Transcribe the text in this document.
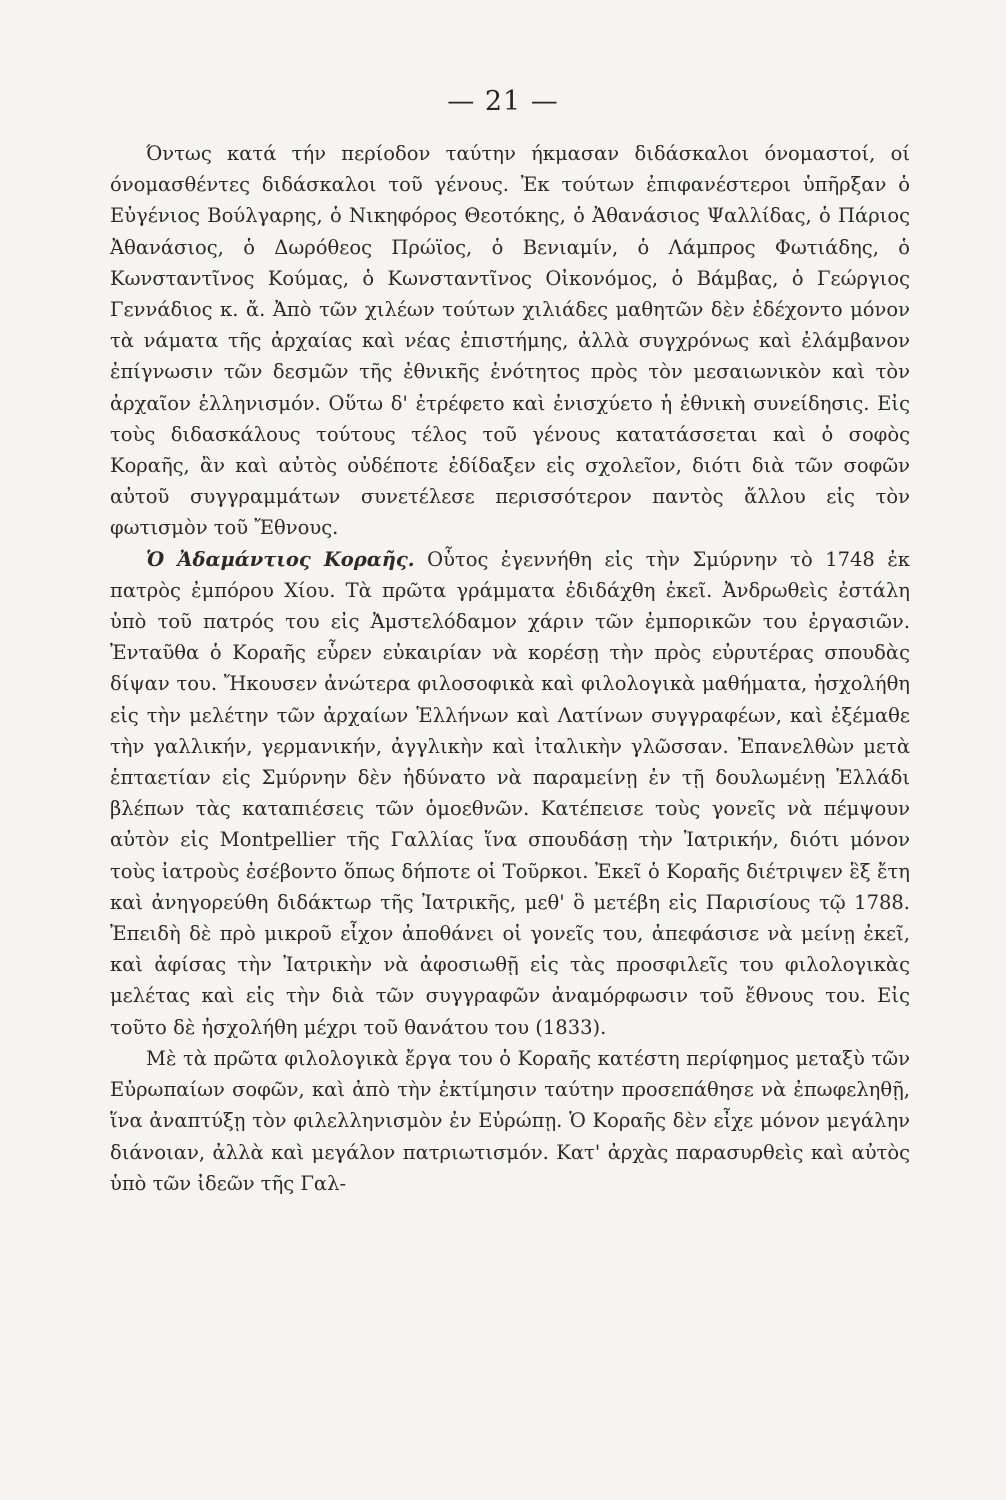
— 21 —

Όντως κατά τήν περίοδον ταύτην ήκμασαν διδάσκαλοι όνομαστοί, οί όνομασθέντες διδάσκαλοι τοῦ γένους. Ἐκ τούτων ἐπιφανέστεροι ὑπῆρξαν ὁ Εὐγένιος Βούλγαρης, ὁ Νικηφόρος Θεοτόκης, ὁ Ἀθανάσιος Ψαλλίδας, ὁ Πάριος Ἀθανάσιος, ὁ Δωρόθεος Πρώϊος, ὁ Βενιαμίν, ὁ Λάμπρος Φωτιάδης, ὁ Κωνσταντῖνος Κούμας, ὁ Κωνσταντῖνος Οἰκονόμος, ὁ Βάμβας, ὁ Γεώργιος Γεννάδιος κ. ἄ. Ἀπὸ τῶν χιλέων τούτων χιλιάδες μαθητῶν δὲν ἐδέχοντο μόνον τὰ νάματα τῆς ἀρχαίας καὶ νέας ἐπιστήμης, ἀλλὰ συγχρόνως καὶ ἐλάμβανον ἐπίγνωσιν τῶν δεσμῶν τῆς ἐθνικῆς ἑνότητος πρὸς τὸν μεσαιωνικὸν καὶ τὸν ἀρχαῖον ἑλληνισμόν. Οὕτω δ' ἐτρέφετο καὶ ἐνισχύετο ἡ ἐθνικὴ συνείδησις. Εἰς τοὺς διδασκάλους τούτους τέλος τοῦ γένους κατατάσσεται καὶ ὁ σοφὸς Κοραῆς, ἂν καὶ αὐτὸς οὐδέποτε ἐδίδαξεν εἰς σχολεῖον, διότι διὰ τῶν σοφῶν αὐτοῦ συγγραμμάτων συνετέλεσε περισσότερον παντὸς ἄλλου εἰς τὸν φωτισμὸν τοῦ Ἔθνους.

Ὁ Ἀδαμάντιος Κοραῆς. Οὗτος ἐγεννήθη εἰς τὴν Σμύρνην τὸ 1748 ἐκ πατρὸς ἐμπόρου Χίου. Τὰ πρῶτα γράμματα ἐδιδάχθη ἐκεῖ. Ἀνδρωθεὶς ἐστάλη ὑπὸ τοῦ πατρός του εἰς Ἀμστελόδαμον χάριν τῶν ἐμπορικῶν του ἐργασιῶν. Ἐνταῦθα ὁ Κοραῆς εὗρεν εὐκαιρίαν νὰ κορέσῃ τὴν πρὸς εὐρυτέρας σπουδὰς δίψαν του. Ἤκουσεν ἀνώτερα φιλοσοφικὰ καὶ φιλολογικὰ μαθήματα, ἠσχολήθη εἰς τὴν μελέτην τῶν ἀρχαίων Ἑλλήνων καὶ Λατίνων συγγραφέων, καὶ ἐξέμαθε τὴν γαλλικήν, γερμανικήν, ἀγγλικὴν καὶ ἰταλικὴν γλῶσσαν. Ἐπανελθὼν μετὰ ἑπταετίαν εἰς Σμύρνην δὲν ἠδύνατο νὰ παραμείνῃ ἐν τῇ δουλωμένῃ Ἑλλάδι βλέπων τὰς καταπιέσεις τῶν ὁμοεθνῶν. Κατέπεισε τοὺς γονεῖς νὰ πέμψουν αὐτὸν εἰς Montpellier τῆς Γαλλίας ἵνα σπουδάσῃ τὴν Ἰατρικήν, διότι μόνον τοὺς ἰατροὺς ἐσέβοντο ὅπως δήποτε οἱ Τοῦρκοι. Ἐκεῖ ὁ Κοραῆς διέτριψεν ἓξ ἔτη καὶ ἀνηγορεύθη διδάκτωρ τῆς Ἰατρικῆς, μεθ' ὃ μετέβη εἰς Παρισίους τῷ 1788. Ἐπειδὴ δὲ πρὸ μικροῦ εἶχον ἀποθάνει οἱ γονεῖς του, ἀπεφάσισε νὰ μείνῃ ἐκεῖ, καὶ ἀφίσας τὴν Ἰατρικὴν νὰ ἀφοσιωθῇ εἰς τὰς προσφιλεῖς του φιλολογικὰς μελέτας καὶ εἰς τὴν διὰ τῶν συγγραφῶν ἀναμόρφωσιν τοῦ ἔθνους του. Εἰς τοῦτο δὲ ἠσχολήθη μέχρι τοῦ θανάτου του (1833).

Μὲ τὰ πρῶτα φιλολογικὰ ἔργα του ὁ Κοραῆς κατέστη περίφημος μεταξὺ τῶν Εὐρωπαίων σοφῶν, καὶ ἀπὸ τὴν ἐκτίμησιν ταύτην προσεπάθησε νὰ ἐπωφεληθῇ, ἵνα ἀναπτύξῃ τὸν φιλελληνισμὸν ἐν Εὐρώπῃ. Ὁ Κοραῆς δὲν εἶχε μόνον μεγάλην διάνοιαν, ἀλλὰ καὶ μεγάλον πατριωτισμόν. Κατ' ἀρχὰς παρασυρθεὶς καὶ αὐτὸς ὑπὸ τῶν ἰδεῶν τῆς Γαλ-
